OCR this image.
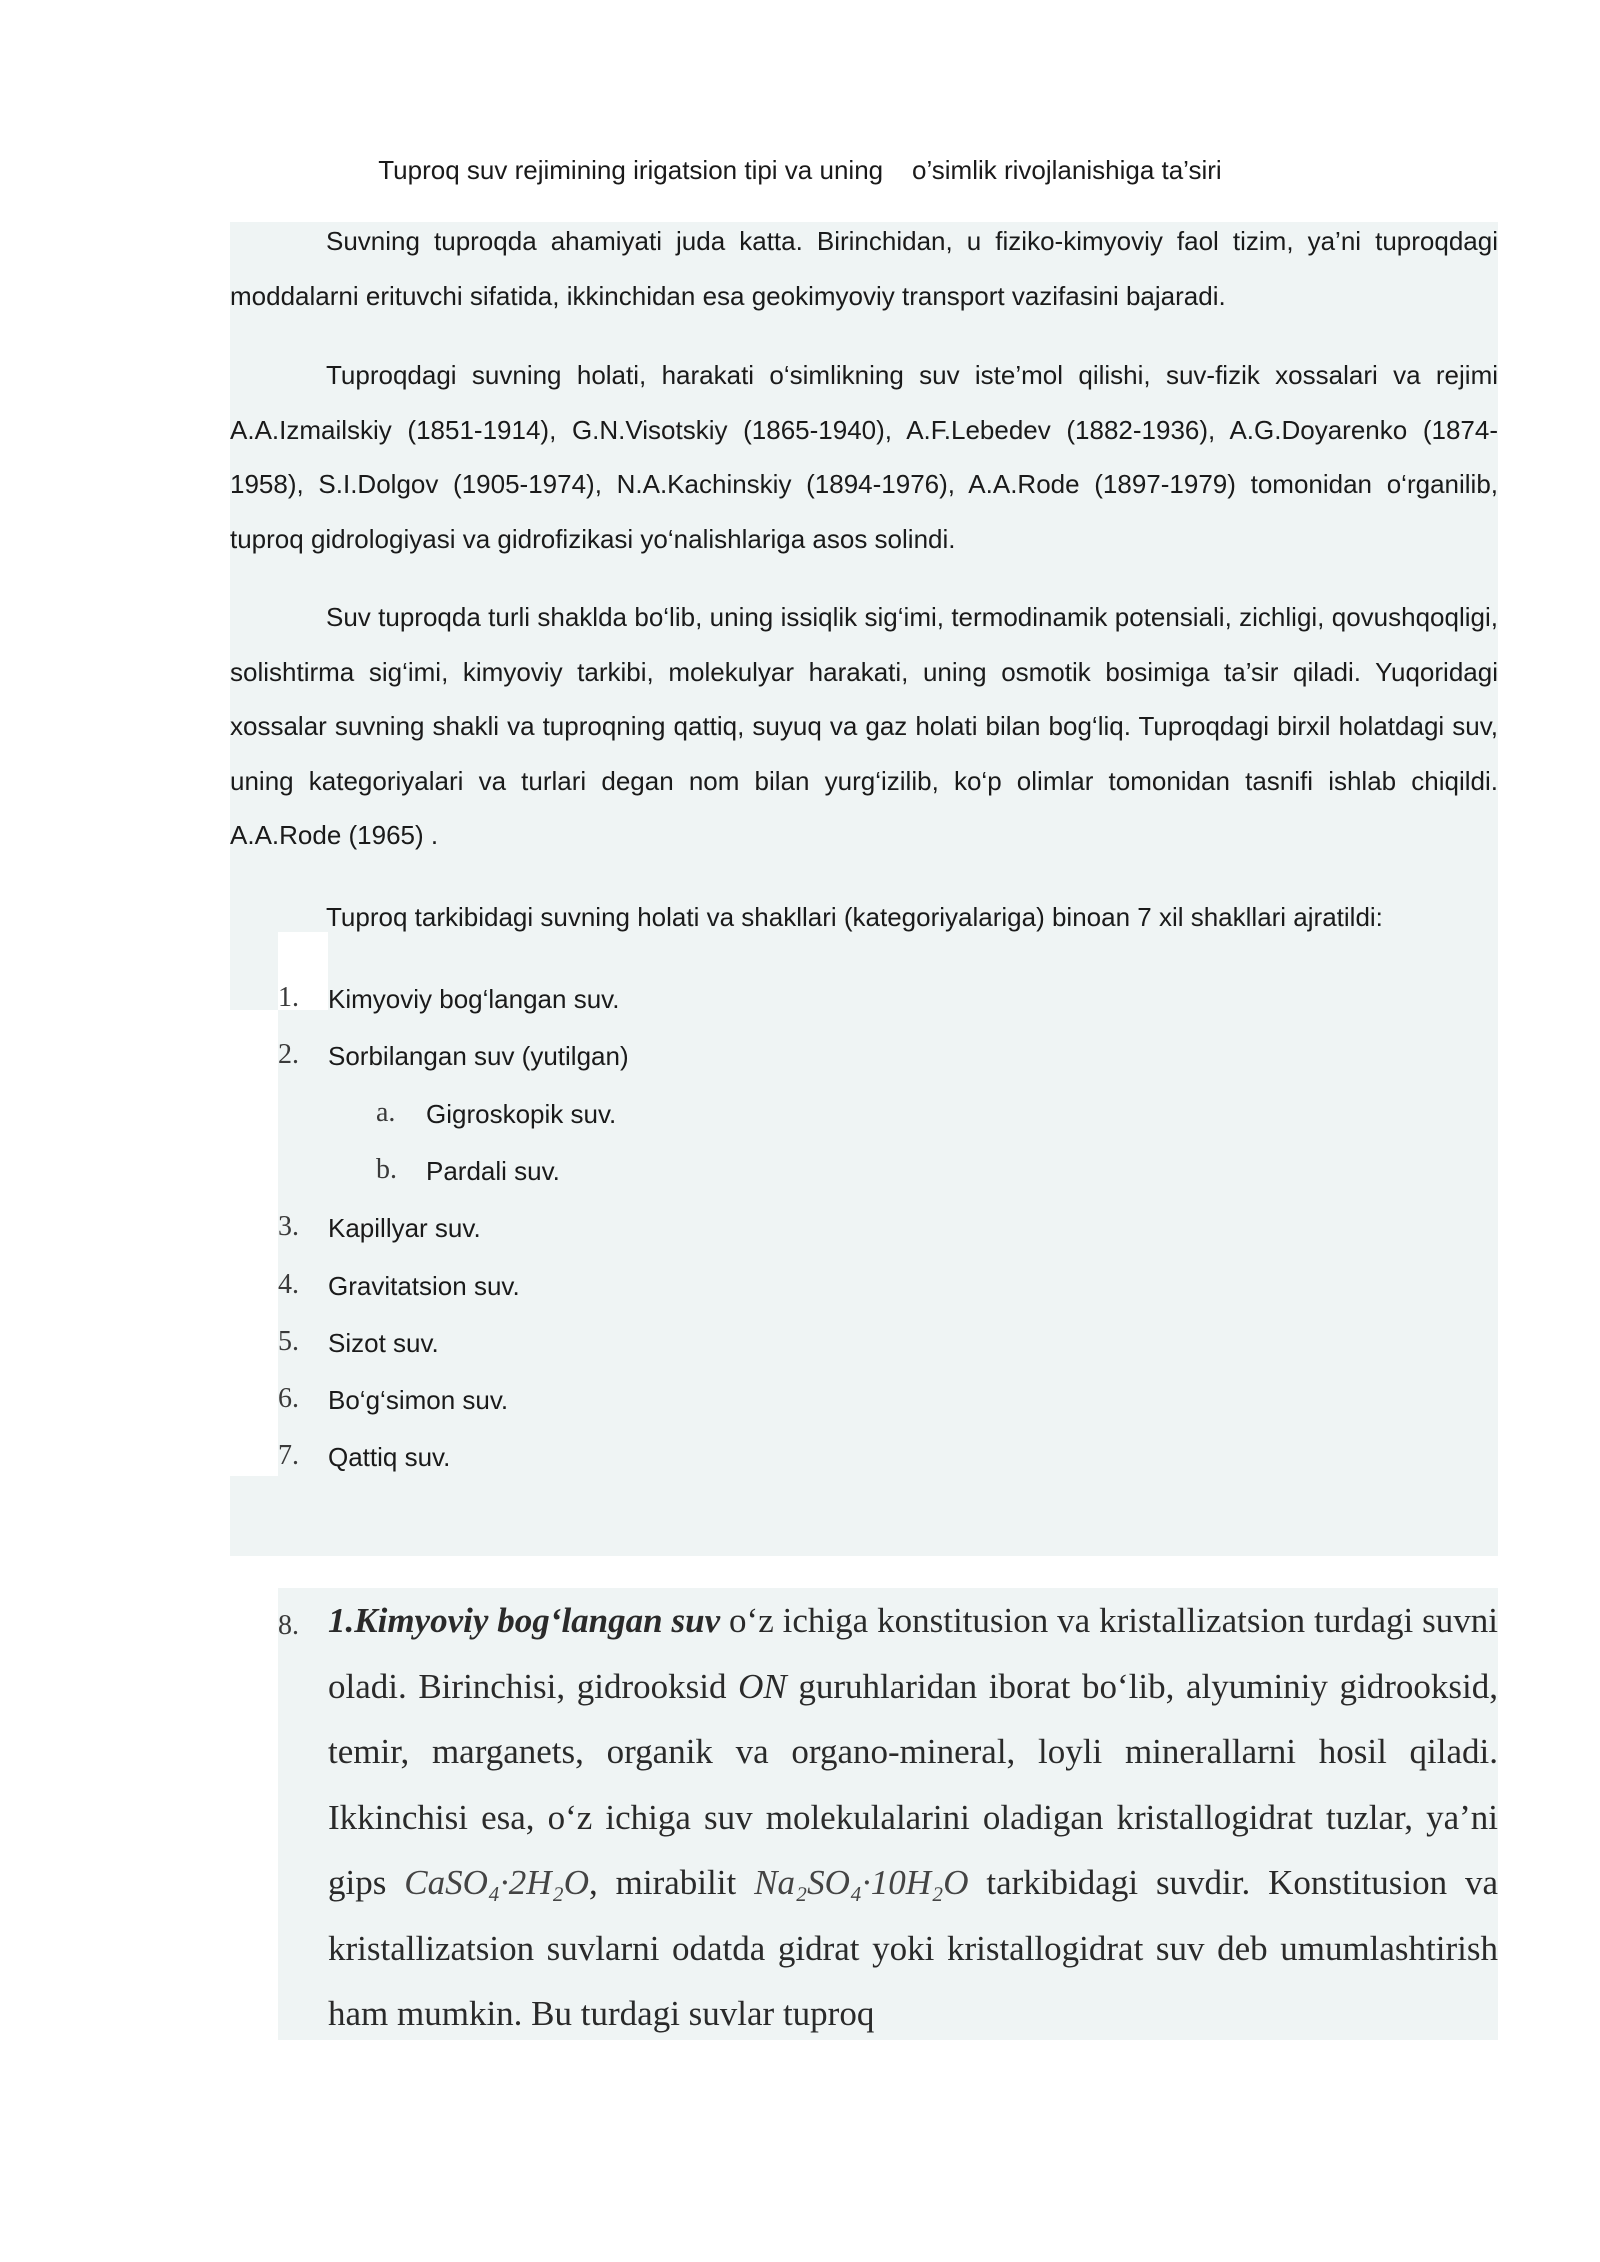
Tuproq suv rejimining irigatsion tipi va uning    o’simlik rivojlanishiga ta’siri

Suvning tuproqda ahamiyati juda katta. Birinchidan, u fiziko-kimyoviy faol tizim, ya’ni tuproqdagi moddalarni erituvchi sifatida, ikkinchidan esa geokimyoviy transport vazifasini bajaradi.

Tuproqdagi suvning holati, harakati o‘simlikning suv iste’mol qilishi, suv-fizik xossalari va rejimi A.A.Izmailskiy (1851-1914), G.N.Visotskiy (1865-1940), A.F.Lebedev (1882-1936), A.G.Doyarenko (1874-1958), S.I.Dolgov (1905-1974), N.A.Kachinskiy (1894-1976), A.A.Rode (1897-1979) tomonidan o‘rganilib, tuproq gidrologiyasi va gidrofizikasi yo‘nalishlariga asos solindi.

Suv tuproqda turli shaklda bo‘lib, uning issiqlik sig‘imi, termodinamik potensiali, zichligi, qovushqoqligi, solishtirma sig‘imi, kimyoviy tarkibi, molekulyar harakati, uning osmotik bosimiga ta’sir qiladi. Yuqoridagi xossalar suvning shakli va tuproqning qattiq, suyuq va gaz holati bilan bog‘liq. Tuproqdagi birxil holatdagi suv, uning kategoriyalari va turlari degan nom bilan yurg‘izilib, ko‘p olimlar tomonidan tasnifi ishlab chiqildi. A.A.Rode (1965) .

Tuproq tarkibidagi suvning holati va shakllari (kategoriyalariga) binoan 7 xil shakllari ajratildi:

1. Kimyoviy bog‘langan suv.
2. Sorbilangan suv (yutilgan)
a. Gigroskopik suv.
b. Pardali suv.
3. Kapillyar suv.
4. Gravitatsion suv.
5. Sizot suv.
6. Bo‘g‘simon suv.
7. Qattiq suv.
8. 1.Kimyoviy bog‘langan suv o‘z ichiga konstitusion va kristallizatsion turdagi suvni oladi. Birinchisi, gidrooksid ON guruhlaridan iborat bo‘lib, alyuminiy gidrooksid, temir, marganets, organik va organo-mineral, loyli minerallarni hosil qiladi. Ikkinchisi esa, o‘z ichiga suv molekulalarini oladigan kristallogidrat tuzlar, ya’ni gips CaSO₄·2H₂O, mirabilit Na₂SO₄·10H₂O tarkibidagi suvdir. Konstitusion va kristallizatsion suvlarni odatda gidrat yoki kristallogidrat suv deb umumlashtirish ham mumkin. Bu turdagi suvlar tuproq
